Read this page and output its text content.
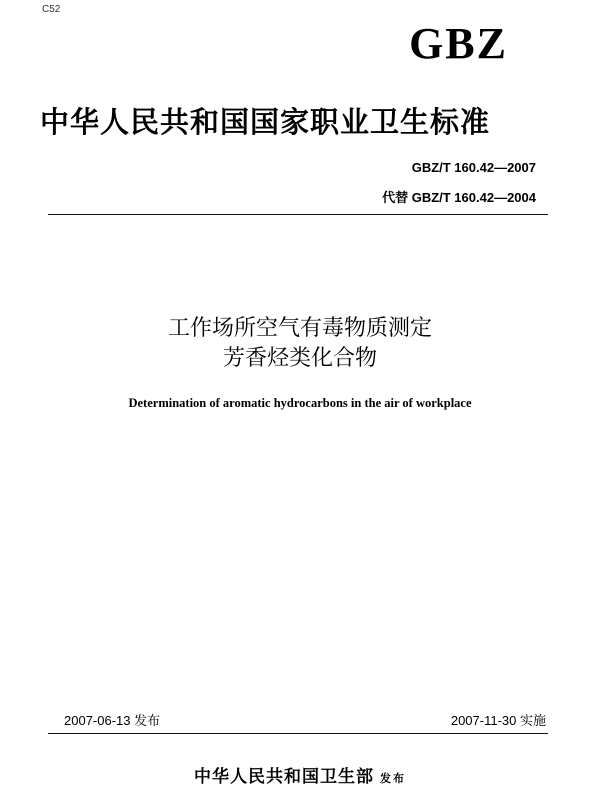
C52
GBZ
中华人民共和国国家职业卫生标准
GBZ/T 160.42—2007
代替 GBZ/T 160.42—2004
工作场所空气有毒物质测定
芳香烃类化合物
Determination of aromatic hydrocarbons in the air of workplace
2007-06-13 发布	2007-11-30 实施
中华人民共和国卫生部 发布
